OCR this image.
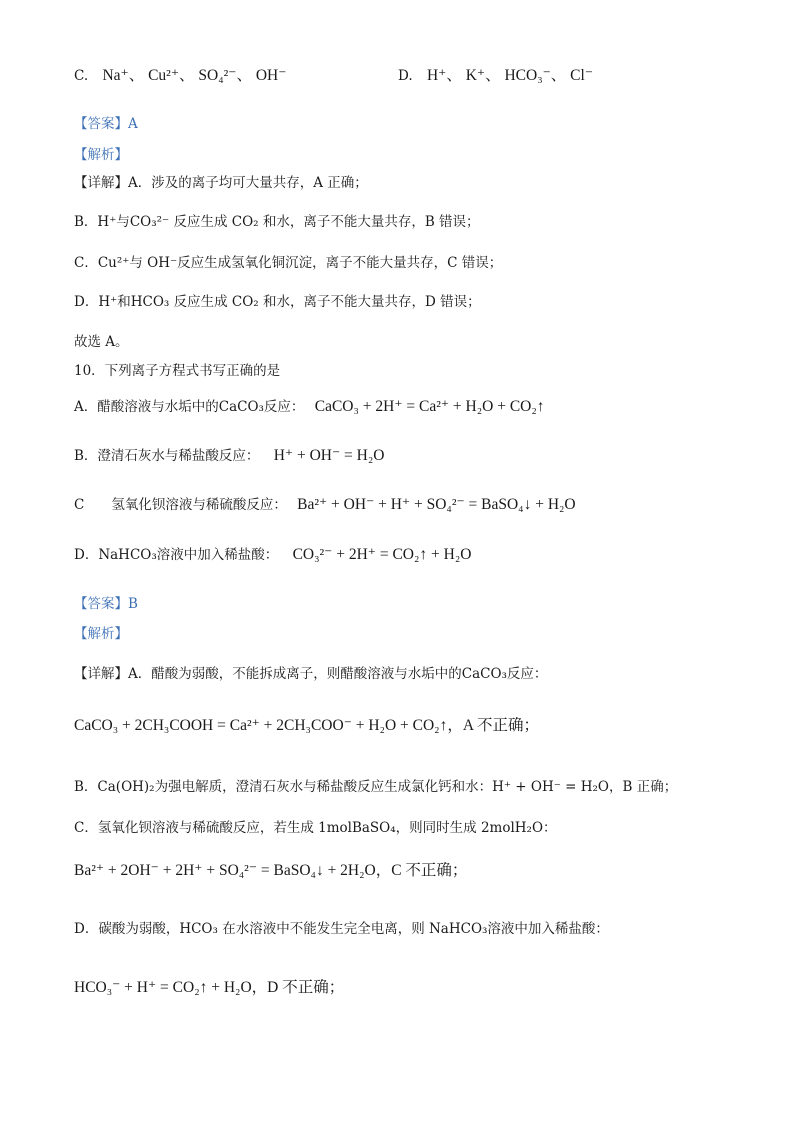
C. Na⁺、 Cu²⁺、 SO₄²⁻、 OH⁻	D. H⁺、 K⁺、 HCO₃⁻、 Cl⁻
【答案】A
【解析】
【详解】A．涉及的离子均可大量共存，A 正确；
B．H⁺与CO₃²⁻ 反应生成 CO₂ 和水，离子不能大量共存，B 错误；
C．Cu²⁺与 OH⁻反应生成氢氧化铜沉淀，离子不能大量共存，C 错误；
D．H⁺和HCO₃ 反应生成 CO₂ 和水，离子不能大量共存，D 错误；
故选 A。
10．下列离子方程式书写正确的是
A．醋酸溶液与水垢中的CaCO₃反应： CaCO₃ + 2H⁺ = Ca²⁺ + H₂O + CO₂↑
B．澄清石灰水与稀盐酸反应： H⁺ + OH⁻ = H₂O
C　　氢氧化钡溶液与稀硫酸反应： Ba²⁺ + OH⁻ + H⁺ + SO₄²⁻ = BaSO₄↓ + H₂O
D．NaHCO₃溶液中加入稀盐酸： CO₃²⁻ + 2H⁺ = CO₂↑ + H₂O
【答案】B
【解析】
【详解】A．醋酸为弱酸，不能拆成离子，则醋酸溶液与水垢中的CaCO₃反应：
CaCO₃ + 2CH₃COOH = Ca²⁺ + 2CH₃COO⁻ + H₂O + CO₂↑，A 不正确；
B．Ca(OH)₂为强电解质，澄清石灰水与稀盐酸反应生成氯化钙和水：H⁺ + OH⁻ = H₂O，B 正确；
C．氢氧化钡溶液与稀硫酸反应，若生成 1molBaSO₄，则同时生成 2molH₂O：
Ba²⁺ + 2OH⁻ + 2H⁺ + SO₄²⁻ = BaSO₄↓ + 2H₂O，C 不正确；
D．碳酸为弱酸，HCO₃ 在水溶液中不能发生完全电离，则 NaHCO₃溶液中加入稀盐酸：
HCO₃⁻ + H⁺ = CO₂↑ + H₂O，D 不正确；
